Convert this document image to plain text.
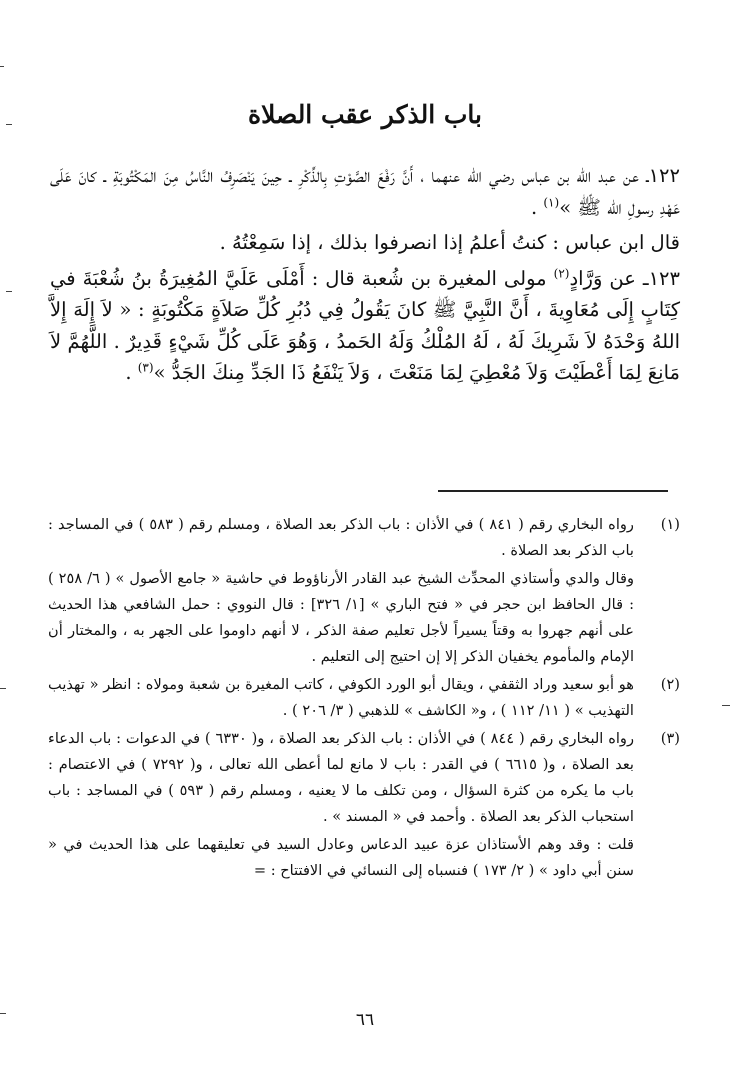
باب الذكر عقب الصلاة

١٢٢ـ عن عبد الله بن عباس رضي الله عنهما ، أَنَّ رَفْعَ الصَّوْتِ بِالذِّكْرِ ـ حِينَ يَنْصَرِفُ النَّاسُ مِنَ المَكْتُوبَةِ ـ كانَ عَلَى عَهْدِ رسولِ الله ﷺ »$^{(١)}$ .

قال ابن عباس : كنتُ أعلمُ إذا انصرفوا بذلك ، إذا سَمِعْتُهُ .

١٢٣ـ عن وَرَّادٍ$^{(٢)}$ مولى المغيرة بن شُعبة قال : أَمْلَى عَلَيَّ المُغِيرَةُ بنُ شُعْبَةَ في كِتَابٍ إِلَى مُعَاوِيةَ ، أَنَّ النَّبِيَّ ﷺ كانَ يَقُولُ فِي دُبُرِ كُلِّ صَلاَةٍ مَكْتُوبَةٍ : « لاَ إِلَهَ إِلاَّ اللهُ وَحْدَهُ لاَ شَرِيكَ لَهُ ، لَهُ المُلْكُ وَلَهُ الحَمدُ ، وَهُوَ عَلَى كُلِّ شَيْءٍ قَدِيرٌ . اللَّهُمَّ لاَ مَانِعَ لِمَا أَعْطَيْتَ وَلاَ مُعْطِيَ لِمَا مَنَعْتَ ، وَلاَ يَنْفَعُ ذَا الجَدِّ مِنكَ الجَدُّ »$^{(٣)}$ .

(١)

رواه البخاري رقم ( ٨٤١ ) في الأذان : باب الذكر بعد الصلاة ، ومسلم رقم ( ٥٨٣ ) في المساجد : باب الذكر بعد الصلاة .

وقال والدي وأستاذي المحدِّث الشيخ عبد القادر الأرناؤوط في حاشية « جامع الأصول » ( ٦/ ٢٥٨ ) : قال الحافظ ابن حجر في « فتح الباري » [١/ ٣٢٦] : قال النووي : حمل الشافعي هذا الحديث على أنهم جهروا به وقتاً يسيراً لأجل تعليم صفة الذكر ، لا أنهم داوموا على الجهر به ، والمختار أن الإمام والمأموم يخفيان الذكر إلا إن احتيج إلى التعليم .

(٢)

هو أبو سعيد وراد الثقفي ، ويقال أبو الورد الكوفي ، كاتب المغيرة بن شعبة ومولاه : انظر « تهذيب التهذيب » ( ١١/ ١١٢ ) ، و« الكاشف » للذهبي ( ٣/ ٢٠٦ ) .

(٣)

رواه البخاري رقم ( ٨٤٤ ) في الأذان : باب الذكر بعد الصلاة ، و( ٦٣٣٠ ) في الدعوات : باب الدعاء بعد الصلاة ، و( ٦٦١٥ ) في القدر : باب لا مانع لما أعطى الله تعالى ، و( ٧٢٩٢ ) في الاعتصام : باب ما يكره من كثرة السؤال ، ومن تكلف ما لا يعنيه ، ومسلم رقم ( ٥٩٣ ) في المساجد : باب استحباب الذكر بعد الصلاة . وأحمد في « المسند » .

قلت : وقد وهم الأستاذان عزة عبيد الدعاس وعادل السيد في تعليقهما على هذا الحديث في « سنن أبي داود » ( ٢/ ١٧٣ ) فنسباه إلى النسائي في الافتتاح : =

٦٦
